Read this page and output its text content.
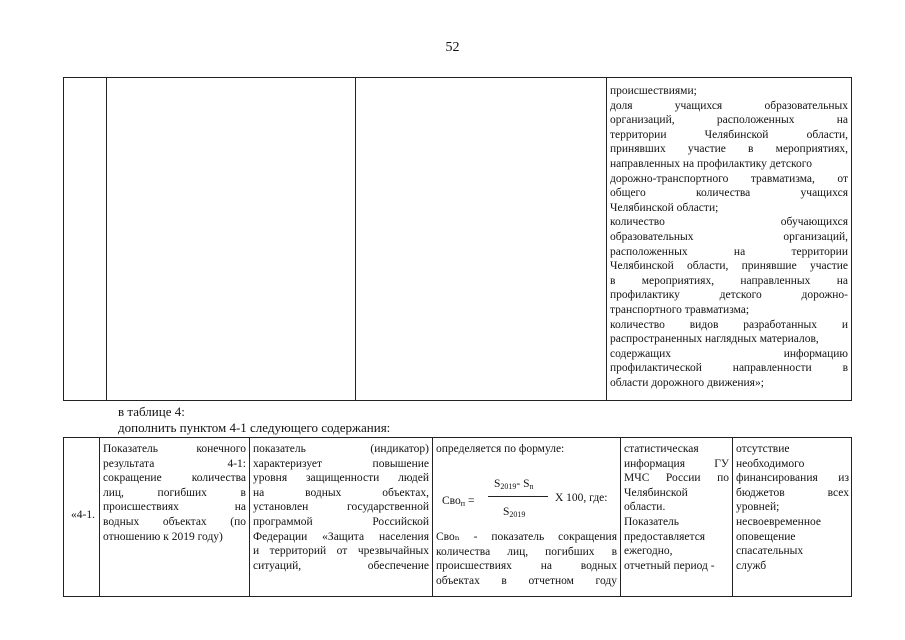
52
происшествиями;
доля учащихся образовательных
организаций, расположенных на
территории Челябинской области,
принявших участие в мероприятиях,
направленных на профилактику детского
дорожно-транспортного травматизма, от
общего количества учащихся
Челябинской области;
количество обучающихся
образовательных организаций,
расположенных на территории
Челябинской области, принявшие участие
в мероприятиях, направленных на
профилактику детского дорожно-
транспортного травматизма;
количество видов разработанных и
распространенных наглядных материалов,
содержащих информацию
профилактической направленности в
области дорожного движения»;
в таблице 4:
дополнить пунктом 4-1 следующего содержания:
«4-1.
Показатель конечного
результата 4-1:
сокращение количества
лиц, погибших в
происшествиях на
водных объектах (по
отношению к 2019 году)
показатель (индикатор)
характеризует повышение
уровня защищенности людей
на водных объектах,
установлен государственной
программой Российской
Федерации «Защита населения
и территорий от чрезвычайных
ситуаций, обеспечение
определяется по формуле:
Сво$_п$ =
$S_{2019}-$ $S_n$
$S_{2019}$
X 100, где:
Своₙ - показатель сокращения
количества лиц, погибших в
происшествиях на водных
объектах в отчетном году
статистическая
информация ГУ
МЧС России по
Челябинской
области.
Показатель
предоставляется
ежегодно,
отчетный период -
отсутствие
необходимого
финансирования из
бюджетов всех
уровней;
несвоевременное
оповещение
спасательных
служб
